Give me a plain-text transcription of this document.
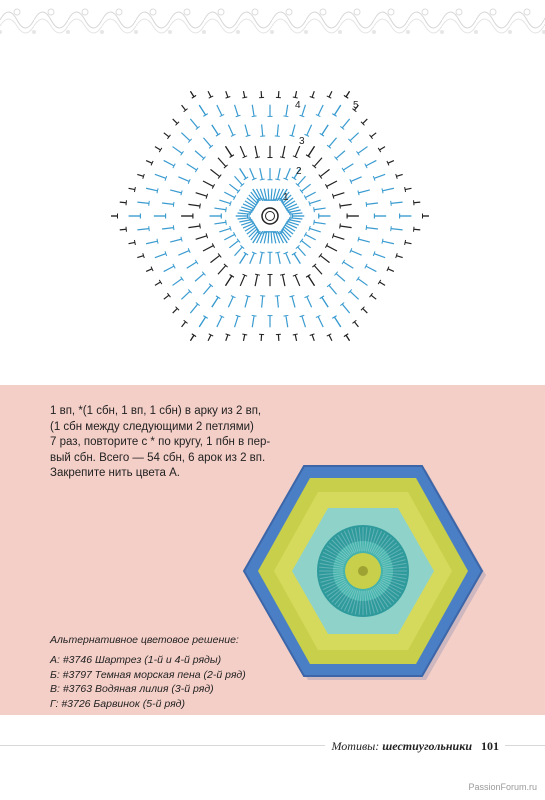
1
2
3
4	5

1 вп, *(1 сбн, 1 вп, 1 сбн) в арку из 2 вп,

(1 сбн между следующими 2 петлями)

7 раз, повторите с * по кругу, 1 пбн в пер-

вый сбн. Всего — 54 сбн, 6 арок из 2 вп.

Закрепите нить цвета А.

Альтернативное цветовое решение:
А: #3746 Шартрез (1-й и 4-й ряды)
Б: #3797 Темная морская пена (2-й ряд)
В: #3763 Водяная лилия (3-й ряд)
Г: #3726 Барвинок (5-й ряд)
Мотивы: шестиугольники 101
PassionForum.ru
